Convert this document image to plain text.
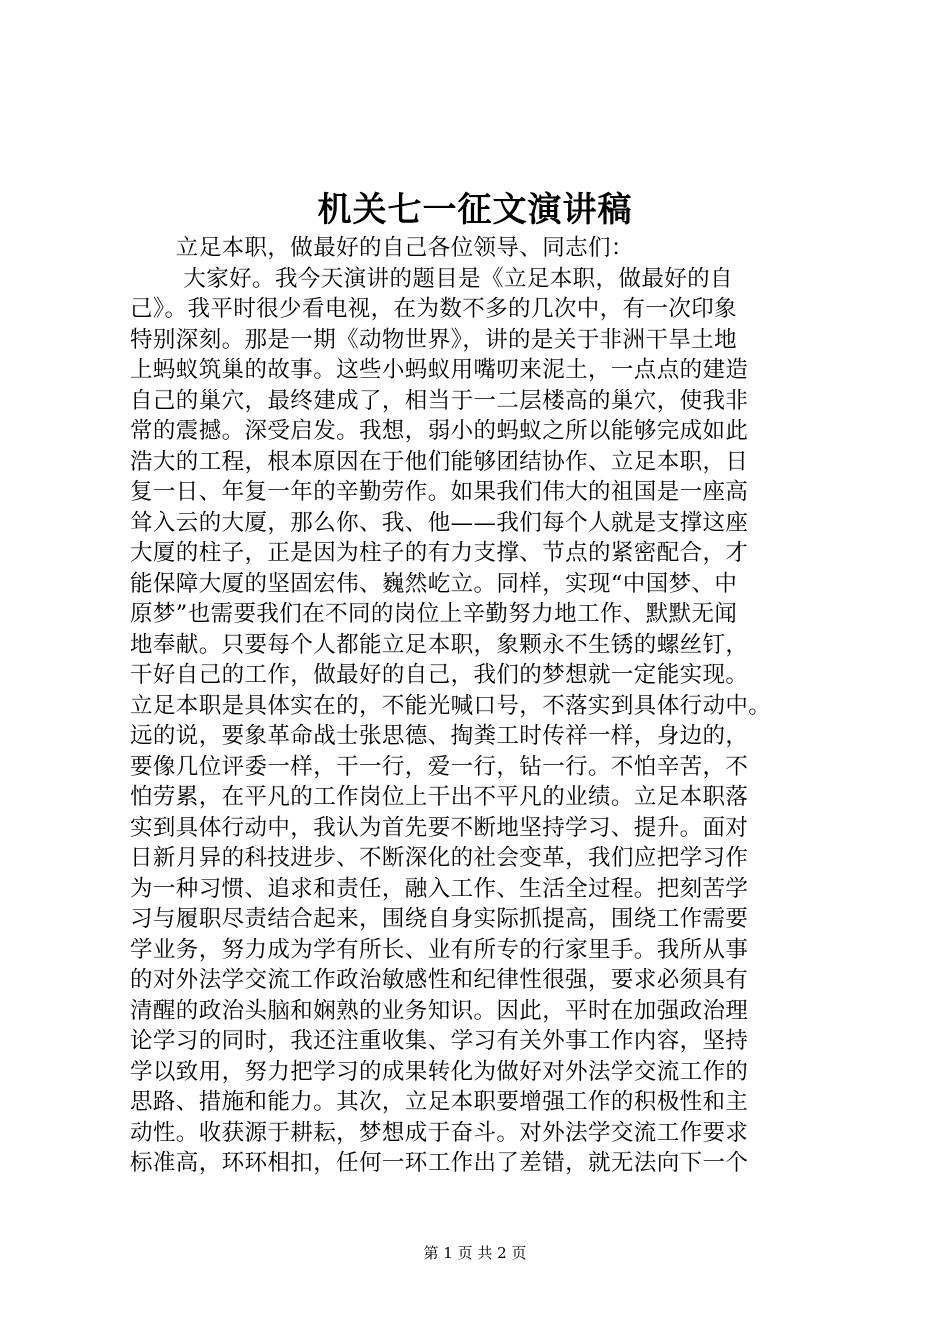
机关七一征文演讲稿
　　立足本职，做最好的自己各位领导、同志们：
　　 大家好。我今天演讲的题目是《立足本职，做最好的自
己》。我平时很少看电视，在为数不多的几次中，有一次印象
特别深刻。那是一期《动物世界》，讲的是关于非洲干旱土地
上蚂蚁筑巢的故事。这些小蚂蚁用嘴叨来泥土，一点点的建造
自己的巢穴，最终建成了，相当于一二层楼高的巢穴，使我非
常的震撼。深受启发。我想，弱小的蚂蚁之所以能够完成如此
浩大的工程，根本原因在于他们能够团结协作、立足本职，日
复一日、年复一年的辛勤劳作。如果我们伟大的祖国是一座高
耸入云的大厦，那么你、我、他——我们每个人就是支撑这座
大厦的柱子，正是因为柱子的有力支撑、节点的紧密配合，才
能保障大厦的坚固宏伟、巍然屹立。同样，实现“中国梦、中
原梦”也需要我们在不同的岗位上辛勤努力地工作、默默无闻
地奉献。只要每个人都能立足本职，象颗永不生锈的螺丝钉，
干好自己的工作，做最好的自己，我们的梦想就一定能实现。
立足本职是具体实在的，不能光喊口号，不落实到具体行动中。
远的说，要象革命战士张思德、掏粪工时传祥一样，身边的，
要像几位评委一样，干一行，爱一行，钻一行。不怕辛苦，不
怕劳累，在平凡的工作岗位上干出不平凡的业绩。立足本职落
实到具体行动中，我认为首先要不断地坚持学习、提升。面对
日新月异的科技进步、不断深化的社会变革，我们应把学习作
为一种习惯、追求和责任，融入工作、生活全过程。把刻苦学
习与履职尽责结合起来，围绕自身实际抓提高，围绕工作需要
学业务，努力成为学有所长、业有所专的行家里手。我所从事
的对外法学交流工作政治敏感性和纪律性很强，要求必须具有
清醒的政治头脑和娴熟的业务知识。因此，平时在加强政治理
论学习的同时，我还注重收集、学习有关外事工作内容，坚持
学以致用，努力把学习的成果转化为做好对外法学交流工作的
思路、措施和能力。其次，立足本职要增强工作的积极性和主
动性。收获源于耕耘，梦想成于奋斗。对外法学交流工作要求
标准高，环环相扣，任何一环工作出了差错，就无法向下一个
第 1 页 共 2 页
